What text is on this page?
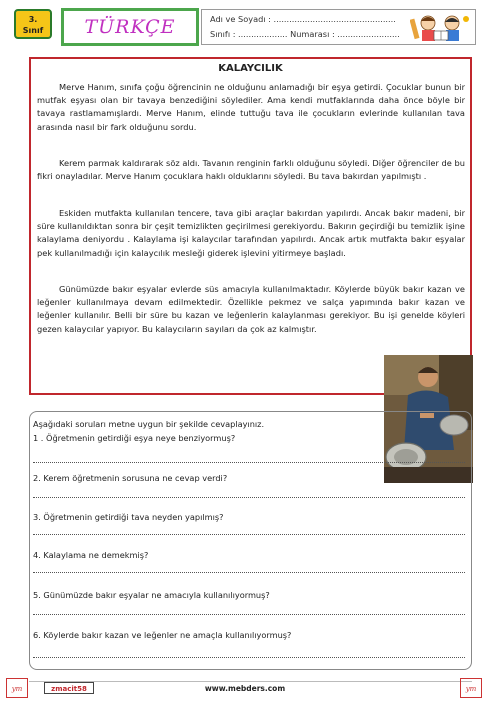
3.
Sınıf	TÜRKÇE	Adı ve Soyadı : ...............................................
Sınıfı : ................... Numarası : ........................
KALAYCILIK

Merve Hanım, sınıfa çoğu öğrencinin ne olduğunu anlamadığı bir eşya getirdi. Çocuklar bunun bir mutfak eşyası olan bir tavaya benzediğini söylediler. Ama kendi mutfaklarında daha önce böyle bir tavaya rastlamamışlardı. Merve Hanım, elinde tuttuğu tava ile çocukların evlerinde kullanılan tava arasında nasıl bir fark olduğunu sordu.

Kerem parmak kaldırarak söz aldı. Tavanın renginin farklı olduğunu söyledi. Diğer öğrenciler de bu fikri onayladılar. Merve Hanım çocuklara haklı olduklarını söyledi. Bu tava bakırdan yapılmıştı .

Eskiden mutfakta kullanılan tencere, tava gibi araçlar bakırdan yapılırdı. Ancak bakır madeni, bir süre kullanıldıktan sonra bir çeşit temizlikten geçirilmesi gerekiyordu. Bakırın geçirdiği bu temizlik işine kalaylama deniyordu . Kalaylama işi kalaycılar tarafından yapılırdı. Ancak artık mutfakta bakır eşyalar pek kullanılmadığı için kalaycılık mesleği giderek işlevini yitirmeye başladı.

Günümüzde bakır eşyalar evlerde süs amacıyla kullanılmaktadır. Köylerde büyük bakır kazan ve leğenler kullanılmaya devam edilmektedir. Özellikle pekmez ve salça yapımında bakır kazan ve leğenler kullanılır. Belli bir süre bu kazan ve leğenlerin kalaylanması gerekiyor. Bu işi genelde köyleri gezen kalaycılar yapıyor. Bu kalaycıların sayıları da çok az kalmıştır.

Aşağıdaki soruları metne uygun bir şekilde cevaplayınız.
1 . Öğretmenin getirdiği eşya neye benziyormuş?
2. Kerem öğretmenin sorusuna ne cevap verdi?
3. Öğretmenin getirdiği tava neyden yapılmış?
4. Kalaylama ne demekmiş?
5. Günümüzde bakır eşyalar ne amacıyla kullanılıyormuş?
6. Köylerde bakır kazan ve leğenler ne amaçla kullanılıyormuş?
zmacit58	www.mebders.com
ym	ym
